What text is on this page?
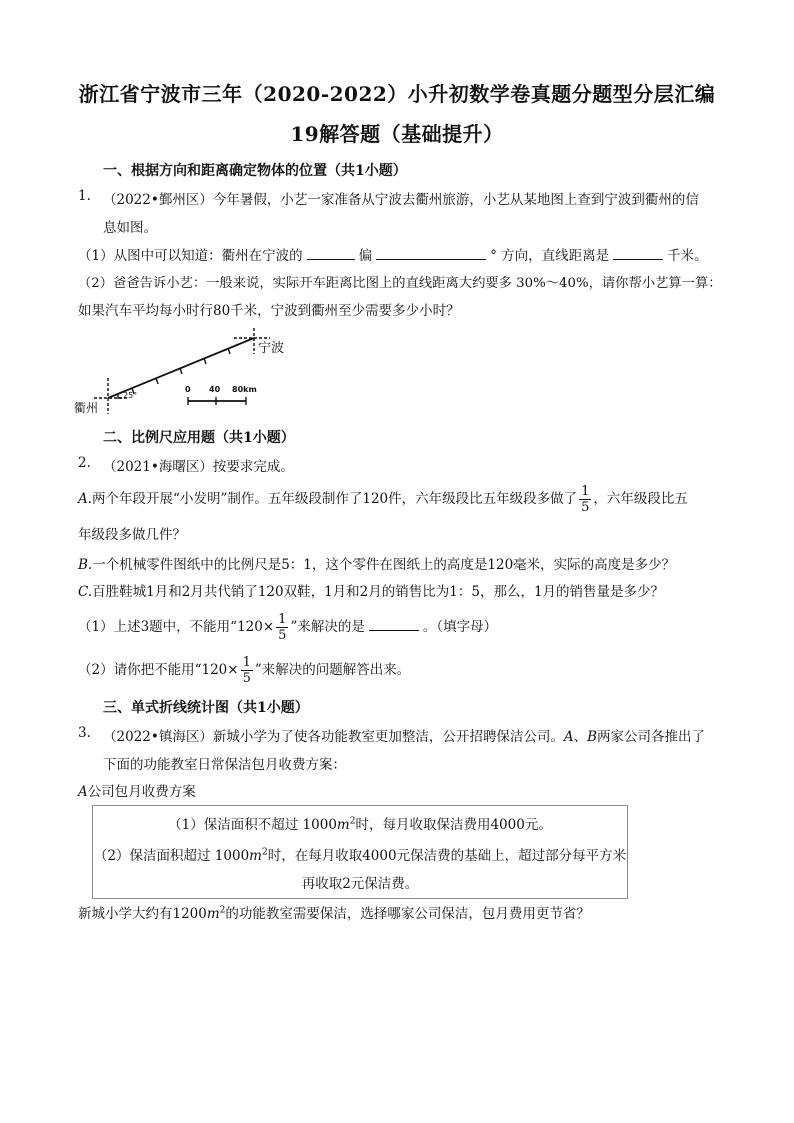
浙江省宁波市三年（2020-2022）小升初数学卷真题分题型分层汇编
19解答题（基础提升）
一、根据方向和距离确定物体的位置（共1小题）
1. （2022•鄞州区）今年暑假，小艺一家准备从宁波去衢州旅游，小艺从某地图上查到宁波到衢州的信
息如图。
（1）从图中可以知道：衢州在宁波的	偏	° 方向，直线距离是	千米。
（2）爸爸告诉小艺：一般来说，实际开车距离比图上的直线距离大约要多 30%～40%，请你帮小艺算一算：
如果汽车平均每小时行80千米，宁波到衢州至少需要多少小时？
宁波
衢州
25°
0 40 80km
二、比例尺应用题（共1小题）
2. （2021•海曙区）按要求完成。
A.两个年段开展“小发明”制作。五年级段制作了120件，六年级段比五年级段多做了 $\frac{1}{5}$ ，六年级段比五
年级段多做几件？
B.一个机械零件图纸中的比例尺是5：1，这个零件在图纸上的高度是120毫米，实际的高度是多少？
C.百胜鞋城1月和2月共代销了120双鞋，1月和2月的销售比为1：5，那么，1月的销售量是多少？
（1）上述3题中，不能用“$120\times \frac{1}{5}$ ”来解决的是	。（填字母）
（2）请你把不能用“$120\times \frac{1}{5}$ ”来解决的问题解答出来。
三、单式折线统计图（共1小题）
3. （2022•镇海区）新城小学为了使各功能教室更加整洁，公开招聘保洁公司。A、B两家公司各推出了
下面的功能教室日常保洁包月收费方案：
A公司包月收费方案
（1）保洁面积不超过 $1000m^2$时，每月收取保洁费用4000元。
（2）保洁面积超过 $1000m^2$时，在每月收取4000元保洁费的基础上，超过部分每平方米
再收取2元保洁费。
新城小学大约有$1200m^2$的功能教室需要保洁，选择哪家公司保洁，包月费用更节省？
